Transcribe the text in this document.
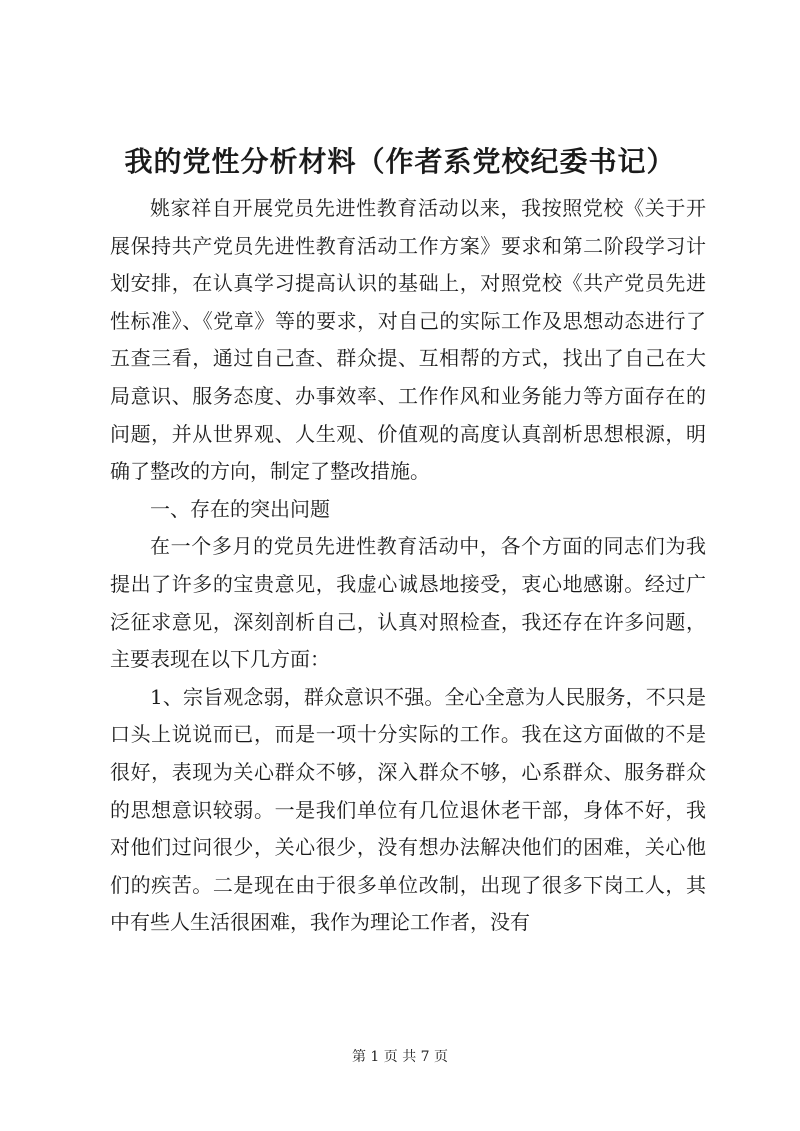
我的党性分析材料（作者系党校纪委书记）

姚家祥自开展党员先进性教育活动以来，我按照党校《关于开展保持共产党员先进性教育活动工作方案》要求和第二阶段学习计划安排，在认真学习提高认识的基础上，对照党校《共产党员先进性标准》、《党章》等的要求，对自己的实际工作及思想动态进行了五查三看，通过自己查、群众提、互相帮的方式，找出了自己在大局意识、服务态度、办事效率、工作作风和业务能力等方面存在的问题，并从世界观、人生观、价值观的高度认真剖析思想根源，明确了整改的方向，制定了整改措施。

一、存在的突出问题

在一个多月的党员先进性教育活动中，各个方面的同志们为我提出了许多的宝贵意见，我虚心诚恳地接受，衷心地感谢。经过广泛征求意见，深刻剖析自己，认真对照检查，我还存在许多问题，主要表现在以下几方面：

1、宗旨观念弱，群众意识不强。全心全意为人民服务，不只是口头上说说而已，而是一项十分实际的工作。我在这方面做的不是很好，表现为关心群众不够，深入群众不够，心系群众、服务群众的思想意识较弱。一是我们单位有几位退休老干部，身体不好，我对他们过问很少，关心很少，没有想办法解决他们的困难，关心他们的疾苦。二是现在由于很多单位改制，出现了很多下岗工人，其中有些人生活很困难，我作为理论工作者，没有

第 1 页 共 7 页
